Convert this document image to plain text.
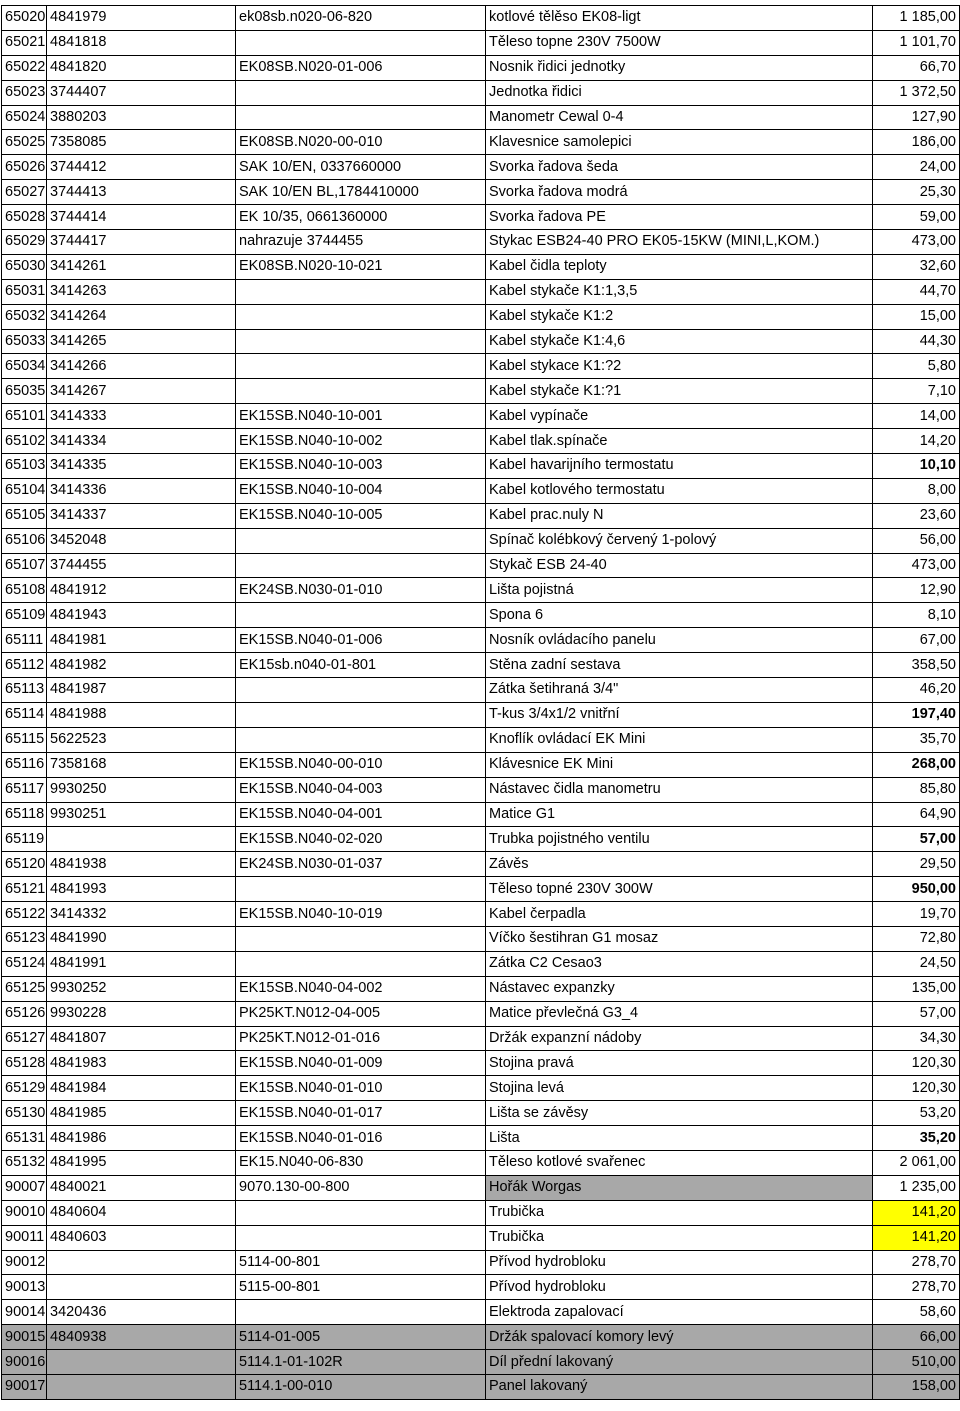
65020	4841979	ek08sb.n020-06-820	kotlové tělěso EK08-ligt	1 185,00
65021	4841818		Těleso topne 230V 7500W	1 101,70
65022	4841820	EK08SB.N020-01-006	Nosnik řidici jednotky	66,70
65023	3744407		Jednotka řidici	1 372,50
65024	3880203		Manometr Cewal 0-4	127,90
65025	7358085	EK08SB.N020-00-010	Klavesnice samolepici	186,00
65026	3744412	SAK 10/EN, 0337660000	Svorka řadova šeda	24,00
65027	3744413	SAK 10/EN BL,1784410000	Svorka řadova modrá	25,30
65028	3744414	EK 10/35, 0661360000	Svorka řadova PE	59,00
65029	3744417	nahrazuje 3744455	Stykac ESB24-40 PRO EK05-15KW (MINI,L,KOM.)	473,00
65030	3414261	EK08SB.N020-10-021	Kabel čidla teploty	32,60
65031	3414263		Kabel stykače K1:1,3,5	44,70
65032	3414264		Kabel stykače K1:2	15,00
65033	3414265		Kabel stykače K1:4,6	44,30
65034	3414266		Kabel stykace K1:?2	5,80
65035	3414267		Kabel stykače K1:?1	7,10
65101	3414333	EK15SB.N040-10-001	Kabel vypínače	14,00
65102	3414334	EK15SB.N040-10-002	Kabel tlak.spínače	14,20
65103	3414335	EK15SB.N040-10-003	Kabel havarijního termostatu	10,10
65104	3414336	EK15SB.N040-10-004	Kabel kotlového termostatu	8,00
65105	3414337	EK15SB.N040-10-005	Kabel prac.nuly N	23,60
65106	3452048		Spínač kolébkový červený 1-polový	56,00
65107	3744455		Stykač ESB 24-40	473,00
65108	4841912	EK24SB.N030-01-010	Lišta pojistná	12,90
65109	4841943		Spona 6	8,10
65111	4841981	EK15SB.N040-01-006	Nosník ovládacího panelu	67,00
65112	4841982	EK15sb.n040-01-801	Stěna zadní sestava	358,50
65113	4841987		Zátka šetihraná 3/4"	46,20
65114	4841988		T-kus 3/4x1/2 vnitřní	197,40
65115	5622523		Knoflík ovládací EK Mini	35,70
65116	7358168	EK15SB.N040-00-010	Klávesnice EK Mini	268,00
65117	9930250	EK15SB.N040-04-003	Nástavec čidla manometru	85,80
65118	9930251	EK15SB.N040-04-001	Matice G1	64,90
65119		EK15SB.N040-02-020	Trubka pojistného ventilu	57,00
65120	4841938	EK24SB.N030-01-037	Závěs	29,50
65121	4841993		Těleso topné 230V 300W	950,00
65122	3414332	EK15SB.N040-10-019	Kabel čerpadla	19,70
65123	4841990		Víčko šestihran G1 mosaz	72,80
65124	4841991		Zátka C2 Cesao3	24,50
65125	9930252	EK15SB.N040-04-002	Nástavec expanzky	135,00
65126	9930228	PK25KT.N012-04-005	Matice převlečná G3_4	57,00
65127	4841807	PK25KT.N012-01-016	Držák expanzní nádoby	34,30
65128	4841983	EK15SB.N040-01-009	Stojina pravá	120,30
65129	4841984	EK15SB.N040-01-010	Stojina levá	120,30
65130	4841985	EK15SB.N040-01-017	Lišta se závěsy	53,20
65131	4841986	EK15SB.N040-01-016	Lišta	35,20
65132	4841995	EK15.N040-06-830	Těleso kotlové svařenec	2 061,00
90007	4840021	9070.130-00-800	Hořák Worgas	1 235,00
90010	4840604		Trubička	141,20
90011	4840603		Trubička	141,20
90012		5114-00-801	Přívod hydrobloku	278,70
90013		5115-00-801	Přívod hydrobloku	278,70
90014	3420436		Elektroda zapalovací	58,60
90015	4840938	5114-01-005	Držák spalovací komory levý	66,00
90016		5114.1-01-102R	Díl přední lakovaný	510,00
90017		5114.1-00-010	Panel lakovaný	158,00
